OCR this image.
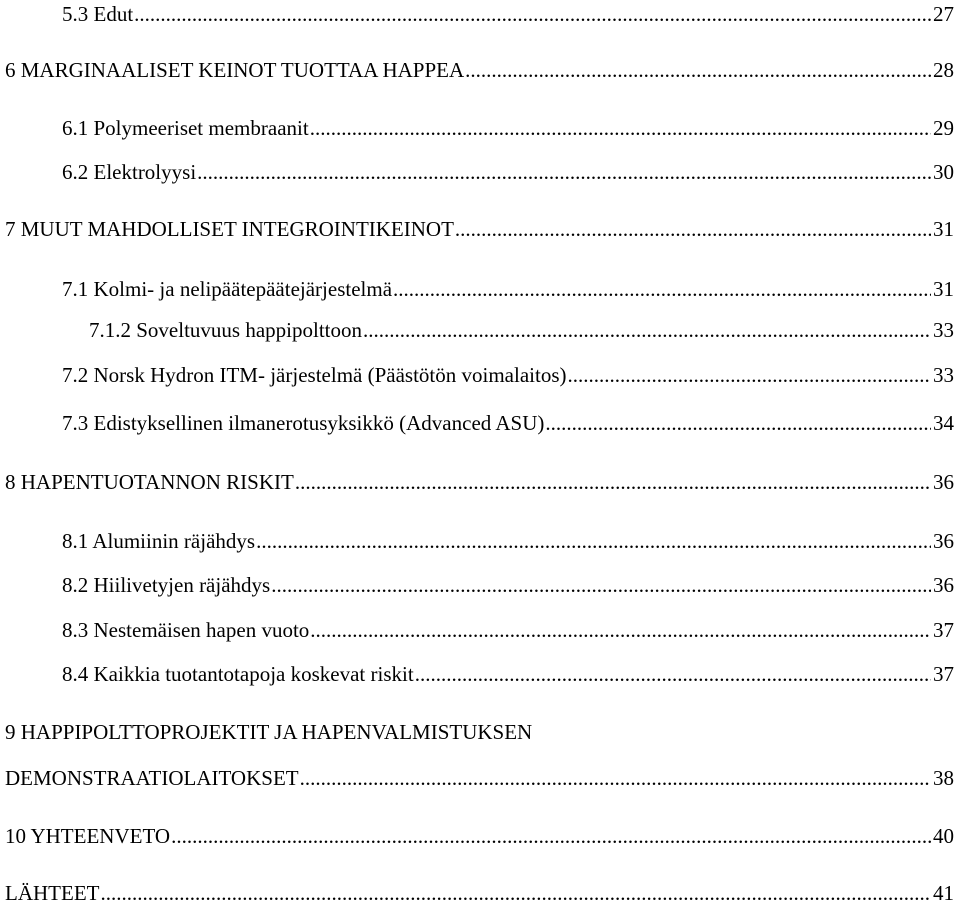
5.3 Edut .....	27
6 MARGINAALISET KEINOT TUOTTAA HAPPEA .....	28
6.1 Polymeeriset membraanit .....	29
6.2 Elektrolyysi .....	30
7 MUUT MAHDOLLISET INTEGROINTIKEINOT .....	31
7.1 Kolmi- ja nelipäätepäätejärjestelmä .....	31
7.1.2 Soveltuvuus happipolttoon .....	33
7.2 Norsk Hydron ITM- järjestelmä (Päästötön voimalaitos) .....	33
7.3 Edistyksellinen ilmanerotusyksikkö (Advanced ASU) .....	34
8 HAPENTUOTANNON RISKIT .....	36
8.1 Alumiinin räjähdys .....	36
8.2 Hiilivetyjen räjähdys .....	36
8.3 Nestemäisen hapen vuoto .....	37
8.4 Kaikkia tuotantotapoja koskevat riskit .....	37
9 HAPPIPOLTTOPROJEKTIT JA HAPENVALMISTUKSEN
DEMONSTRAATIOLAITOKSET .....	38
10 YHTEENVETO .....	40
LÄHTEET .....	41
